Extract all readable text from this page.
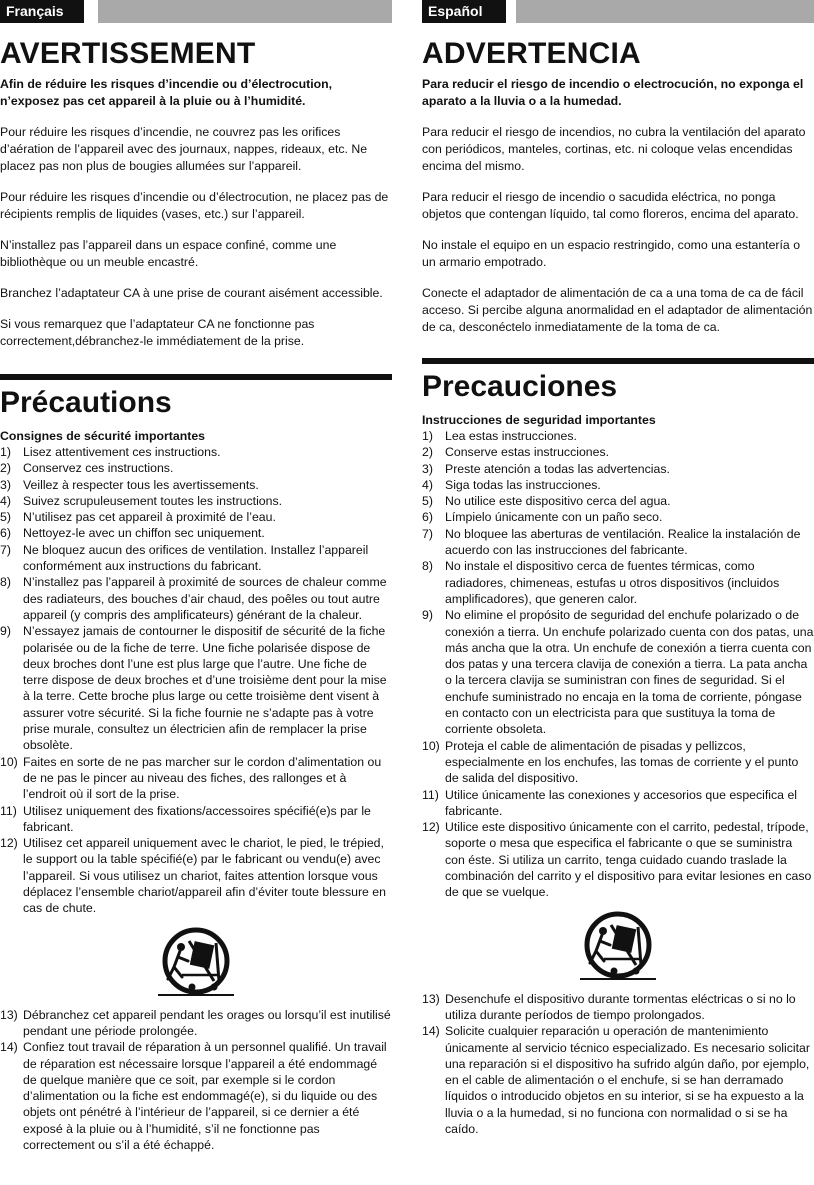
Français
AVERTISSEMENT
Afin de réduire les risques d’incendie ou d’électrocution, n’exposez pas cet appareil à la pluie ou à l’humidité.
Pour réduire les risques d’incendie, ne couvrez pas les orifices d’aération de l’appareil avec des journaux, nappes, rideaux, etc. Ne placez pas non plus de bougies allumées sur l’appareil.
Pour réduire les risques d’incendie ou d’électrocution, ne placez pas de récipients remplis de liquides (vases, etc.) sur l’appareil.
N’installez pas l’appareil dans un espace confiné, comme une bibliothèque ou un meuble encastré.
Branchez l’adaptateur CA à une prise de courant aisément accessible.
Si vous remarquez que l’adaptateur CA ne fonctionne pas correctement,débranchez-le immédiatement de la prise.
Précautions
Consignes de sécurité importantes
1) Lisez attentivement ces instructions.
2) Conservez ces instructions.
3) Veillez à respecter tous les avertissements.
4) Suivez scrupuleusement toutes les instructions.
5) N’utilisez pas cet appareil à proximité de l’eau.
6) Nettoyez-le avec un chiffon sec uniquement.
7) Ne bloquez aucun des orifices de ventilation. Installez l’appareil conformément aux instructions du fabricant.
8) N’installez pas l’appareil à proximité de sources de chaleur comme des radiateurs, des bouches d’air chaud, des poêles ou tout autre appareil (y compris des amplificateurs) générant de la chaleur.
9) N’essayez jamais de contourner le dispositif de sécurité de la fiche polarisée ou de la fiche de terre. Une fiche polarisée dispose de deux broches dont l’une est plus large que l’autre. Une fiche de terre dispose de deux broches et d’une troisième dent pour la mise à la terre. Cette broche plus large ou cette troisième dent visent à assurer votre sécurité. Si la fiche fournie ne s’adapte pas à votre prise murale, consultez un électricien afin de remplacer la prise obsolète.
10) Faites en sorte de ne pas marcher sur le cordon d’alimentation ou de ne pas le pincer au niveau des fiches, des rallonges et à l’endroit où il sort de la prise.
11) Utilisez uniquement des fixations/accessoires spécifié(e)s par le fabricant.
12) Utilisez cet appareil uniquement avec le chariot, le pied, le trépied, le support ou la table spécifié(e) par le fabricant ou vendu(e) avec l’appareil. Si vous utilisez un chariot, faites attention lorsque vous déplacez l’ensemble chariot/appareil afin d’éviter toute blessure en cas de chute.
13) Débranchez cet appareil pendant les orages ou lorsqu’il est inutilisé pendant une période prolongée.
14) Confiez tout travail de réparation à un personnel qualifié. Un travail de réparation est nécessaire lorsque l’appareil a été endommagé de quelque manière que ce soit, par exemple si le cordon d’alimentation ou la fiche est endommagé(e), si du liquide ou des objets ont pénétré à l’intérieur de l’appareil, si ce dernier a été exposé à la pluie ou à l’humidité, s’il ne fonctionne pas correctement ou s’il a été échappé.
Español
ADVERTENCIA
Para reducir el riesgo de incendio o electrocución, no exponga el aparato a la lluvia o a la humedad.
Para reducir el riesgo de incendios, no cubra la ventilación del aparato con periódicos, manteles, cortinas, etc. ni coloque velas encendidas encima del mismo.
Para reducir el riesgo de incendio o sacudida eléctrica, no ponga objetos que contengan líquido, tal como floreros, encima del aparato.
No instale el equipo en un espacio restringido, como una estantería o un armario empotrado.
Conecte el adaptador de alimentación de ca a una toma de ca de fácil acceso. Si percibe alguna anormalidad en el adaptador de alimentación de ca, desconéctelo inmediatamente de la toma de ca.
Precauciones
Instrucciones de seguridad importantes
1) Lea estas instrucciones.
2) Conserve estas instrucciones.
3) Preste atención a todas las advertencias.
4) Siga todas las instrucciones.
5) No utilice este dispositivo cerca del agua.
6) Límpielo únicamente con un paño seco.
7) No bloquee las aberturas de ventilación. Realice la instalación de acuerdo con las instrucciones del fabricante.
8) No instale el dispositivo cerca de fuentes térmicas, como radiadores, chimeneas, estufas u otros dispositivos (incluidos amplificadores), que generen calor.
9) No elimine el propósito de seguridad del enchufe polarizado o de conexión a tierra. Un enchufe polarizado cuenta con dos patas, una más ancha que la otra. Un enchufe de conexión a tierra cuenta con dos patas y una tercera clavija de conexión a tierra. La pata ancha o la tercera clavija se suministran con fines de seguridad. Si el enchufe suministrado no encaja en la toma de corriente, póngase en contacto con un electricista para que sustituya la toma de corriente obsoleta.
10) Proteja el cable de alimentación de pisadas y pellizcos, especialmente en los enchufes, las tomas de corriente y el punto de salida del dispositivo.
11) Utilice únicamente las conexiones y accesorios que especifica el fabricante.
12) Utilice este dispositivo únicamente con el carrito, pedestal, trípode, soporte o mesa que especifica el fabricante o que se suministra con éste. Si utiliza un carrito, tenga cuidado cuando traslade la combinación del carrito y el dispositivo para evitar lesiones en caso de que se vuelque.
13) Desenchufe el dispositivo durante tormentas eléctricas o si no lo utiliza durante períodos de tiempo prolongados.
14) Solicite cualquier reparación u operación de mantenimiento únicamente al servicio técnico especializado. Es necesario solicitar una reparación si el dispositivo ha sufrido algún daño, por ejemplo, en el cable de alimentación o el enchufe, si se han derramado líquidos o introducido objetos en su interior, si se ha expuesto a la lluvia o a la humedad, si no funciona con normalidad o si se ha caído.
